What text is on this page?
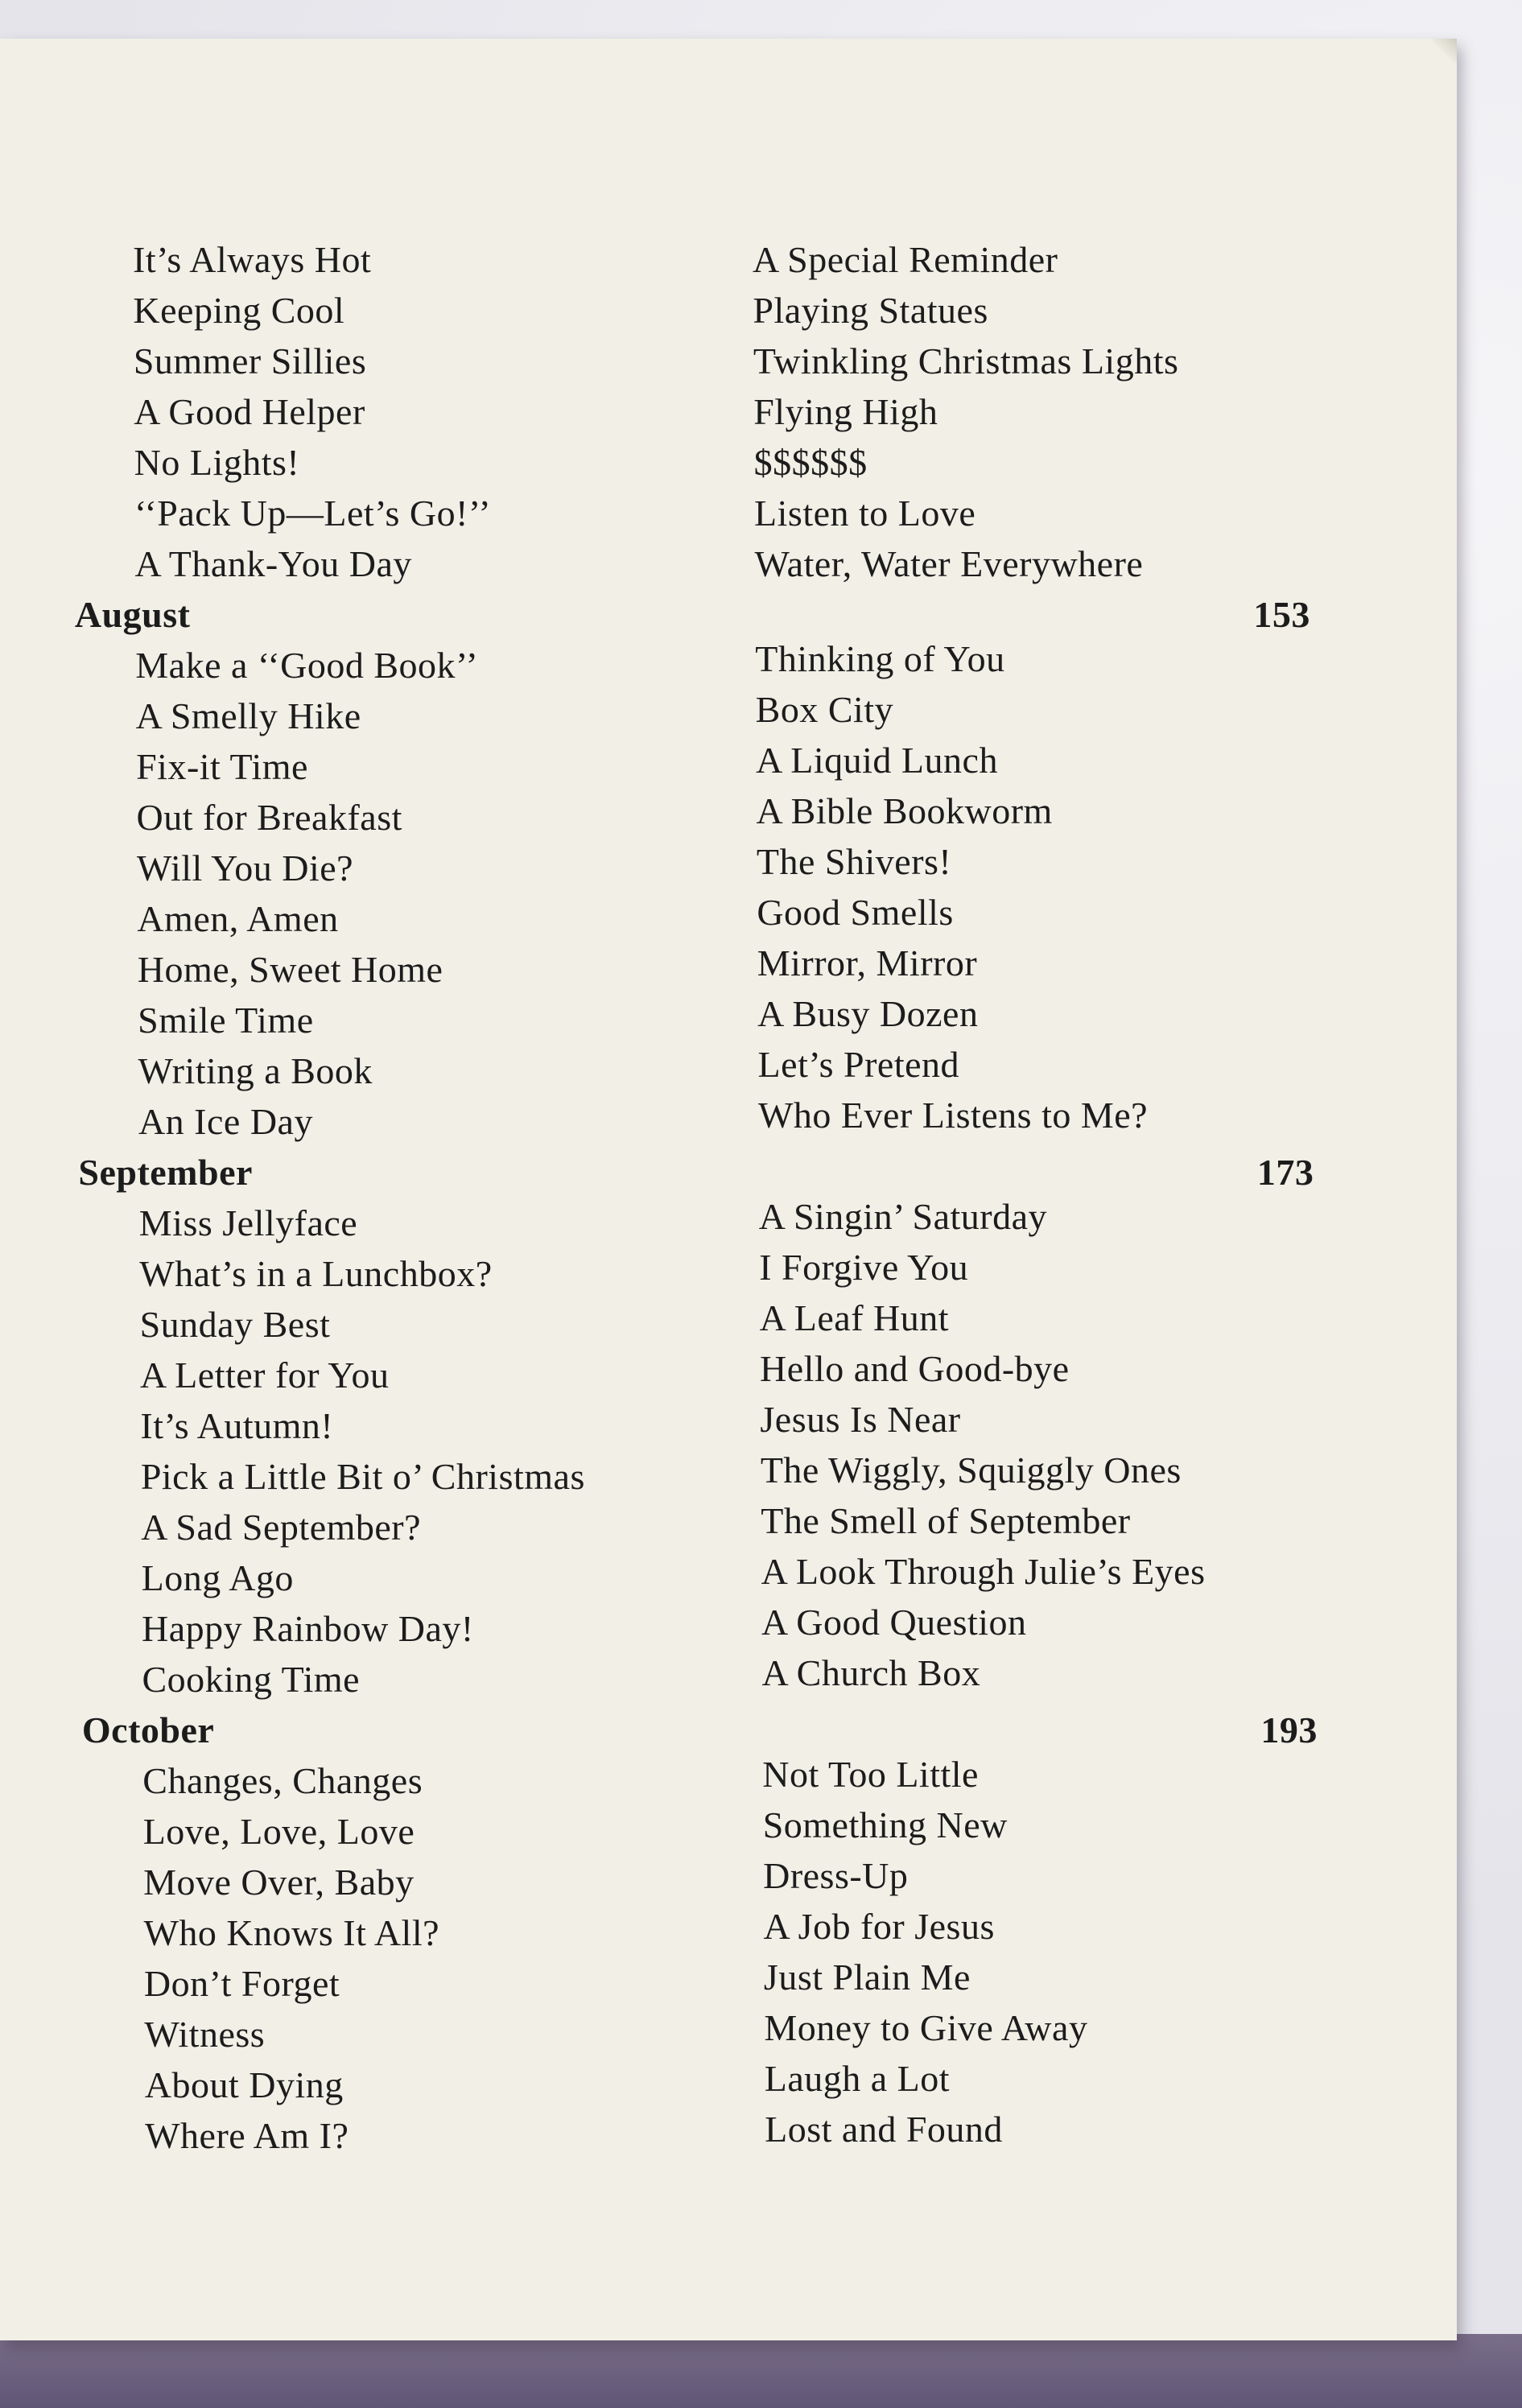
It’s Always Hot	A Special Reminder
Keeping Cool	Playing Statues
Summer Sillies	Twinkling Christmas Lights
A Good Helper	Flying High
No Lights!	$$$$$$
‘‘Pack Up—Let’s Go!’’	Listen to Love
A Thank-You Day	Water, Water Everywhere
August	153
Make a ‘‘Good Book’’	Thinking of You
A Smelly Hike	Box City
Fix-it Time	A Liquid Lunch
Out for Breakfast	A Bible Bookworm
Will You Die?	The Shivers!
Amen, Amen	Good Smells
Home, Sweet Home	Mirror, Mirror
Smile Time	A Busy Dozen
Writing a Book	Let’s Pretend
An Ice Day	Who Ever Listens to Me?
September	173
Miss Jellyface	A Singin’ Saturday
What’s in a Lunchbox?	I Forgive You
Sunday Best	A Leaf Hunt
A Letter for You	Hello and Good-bye
It’s Autumn!	Jesus Is Near
Pick a Little Bit o’ Christmas	The Wiggly, Squiggly Ones
A Sad September?	The Smell of September
Long Ago	A Look Through Julie’s Eyes
Happy Rainbow Day!	A Good Question
Cooking Time	A Church Box
October	193
Changes, Changes	Not Too Little
Love, Love, Love	Something New
Move Over, Baby	Dress-Up
Who Knows It All?	A Job for Jesus
Don’t Forget	Just Plain Me
Witness	Money to Give Away
About Dying	Laugh a Lot
Where Am I?	Lost and Found
